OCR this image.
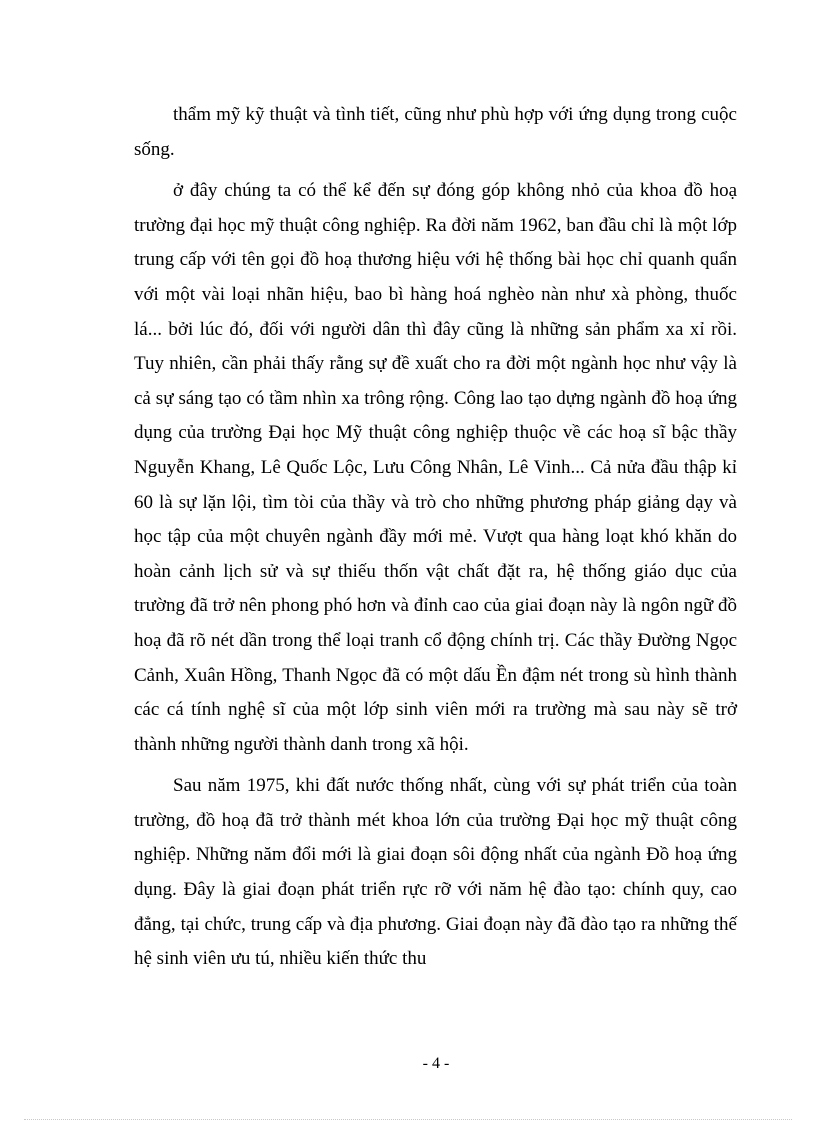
thẩm mỹ kỹ thuật và tình tiết, cũng như phù hợp với ứng dụng trong cuộc sống.

ở đây chúng ta có thể kể đến sự đóng góp không nhỏ của khoa đồ hoạ trường đại học mỹ thuật công nghiệp. Ra đời năm 1962, ban đầu chỉ là một lớp trung cấp với tên gọi đồ hoạ thương hiệu với hệ thống bài học chỉ quanh quẩn với một vài loại nhãn hiệu, bao bì hàng hoá nghèo nàn như xà phòng, thuốc lá... bởi lúc đó, đối với người dân thì đây cũng là những sản phẩm xa xỉ rồi. Tuy nhiên, cần phải thấy rằng sự đề xuất cho ra đời một ngành học như vậy là cả sự sáng tạo có tầm nhìn xa trông rộng. Công lao tạo dựng ngành đồ hoạ ứng dụng của trường Đại học Mỹ thuật công nghiệp thuộc về các hoạ sĩ bậc thầy Nguyễn Khang, Lê Quốc Lộc, Lưu Công Nhân, Lê Vinh... Cả nửa đầu thập kỉ 60 là sự lặn lội, tìm tòi của thầy và trò cho những phương pháp giảng dạy và học tập của một chuyên ngành đầy mới mẻ. Vượt qua hàng loạt khó khăn do hoàn cảnh lịch sử và sự thiếu thốn vật chất đặt ra, hệ thống giáo dục của trường đã trở nên phong phó hơn và đỉnh cao của giai đoạn này là ngôn ngữ đồ hoạ đã rõ nét dần trong thể loại tranh cổ động chính trị. Các thầy Đường Ngọc Cảnh, Xuân Hồng, Thanh Ngọc đã có một dấu Ền đậm nét trong sù hình thành các cá tính nghệ sĩ của một lớp sinh viên mới ra trường mà sau này sẽ trở thành những người thành danh trong xã hội.

Sau năm 1975, khi đất nước thống nhất, cùng với sự phát triển của toàn trường, đồ hoạ đã trở thành mét khoa lớn của trường Đại học mỹ thuật công nghiệp. Những năm đổi mới là giai đoạn sôi động nhất của ngành Đồ hoạ ứng dụng. Đây là giai đoạn phát triển rực rỡ với năm hệ đào tạo: chính quy, cao đẳng, tại chức, trung cấp và địa phương. Giai đoạn này đã đào tạo ra những thế hệ sinh viên ưu tú, nhiều kiến thức thu

- 4 -
